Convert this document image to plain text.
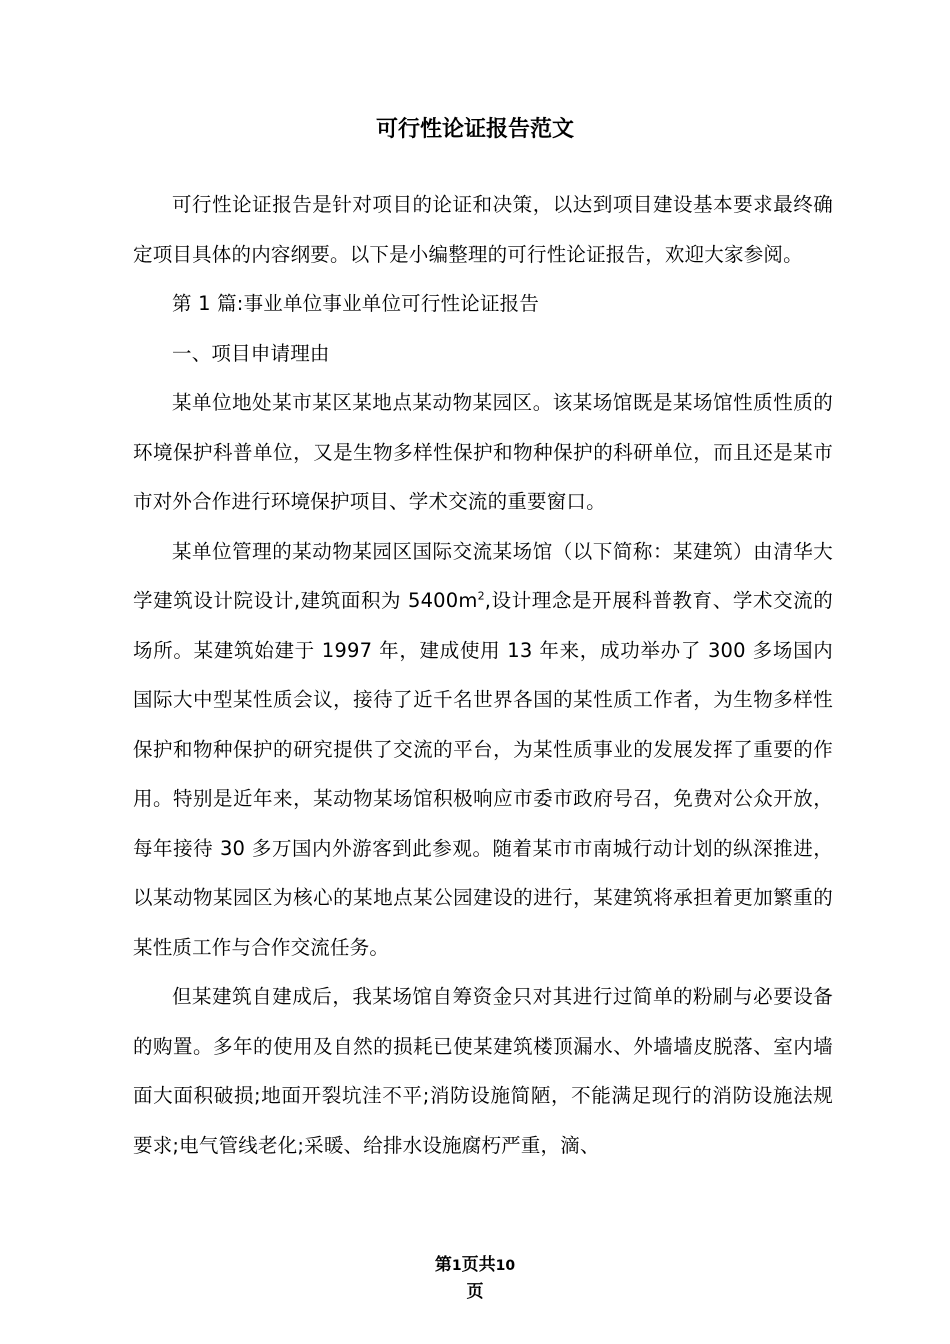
可行性论证报告范文

可行性论证报告是针对项目的论证和决策，以达到项目建设基本要求最终确定项目具体的内容纲要。以下是小编整理的可行性论证报告，欢迎大家参阅。

第 1 篇:事业单位事业单位可行性论证报告

一、项目申请理由

某单位地处某市某区某地点某动物某园区。该某场馆既是某场馆性质性质的环境保护科普单位，又是生物多样性保护和物种保护的科研单位，而且还是某市市对外合作进行环境保护项目、学术交流的重要窗口。

某单位管理的某动物某园区国际交流某场馆（以下简称：某建筑）由清华大学建筑设计院设计,建筑面积为 $5400m^2$,设计理念是开展科普教育、学术交流的场所。某建筑始建于 1997 年，建成使用 13 年来，成功举办了 300 多场国内国际大中型某性质会议，接待了近千名世界各国的某性质工作者，为生物多样性保护和物种保护的研究提供了交流的平台，为某性质事业的发展发挥了重要的作用。特别是近年来，某动物某场馆积极响应市委市政府号召，免费对公众开放，每年接待 30 多万国内外游客到此参观。随着某市市南城行动计划的纵深推进，以某动物某园区为核心的某地点某公园建设的进行，某建筑将承担着更加繁重的某性质工作与合作交流任务。

但某建筑自建成后，我某场馆自筹资金只对其进行过简单的粉刷与必要设备的购置。多年的使用及自然的损耗已使某建筑楼顶漏水、外墙墙皮脱落、室内墙面大面积破损;地面开裂坑洼不平;消防设施简陋，不能满足现行的消防设施法规要求;电气管线老化;采暖、给排水设施腐朽严重，滴、

第1页共10
页
